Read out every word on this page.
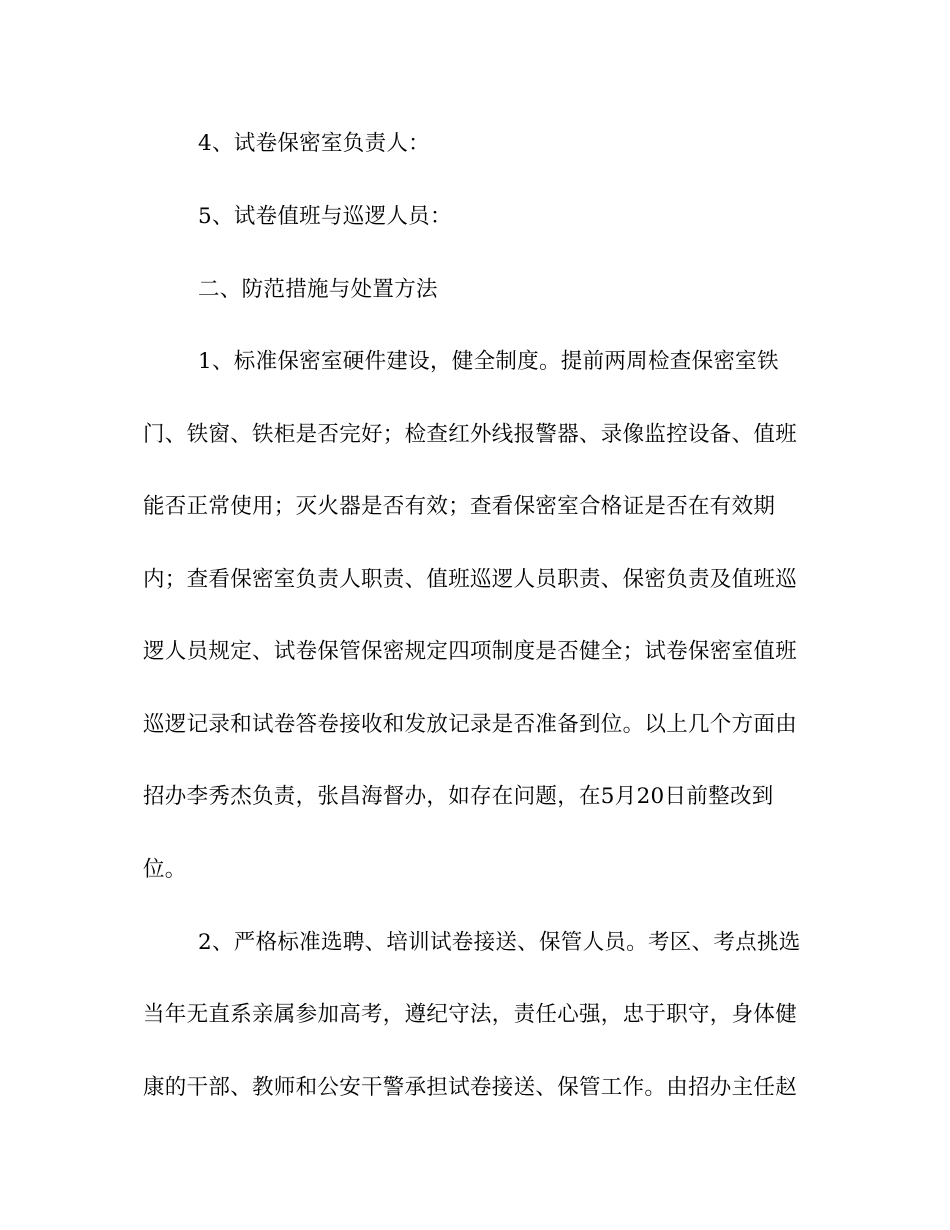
4、试卷保密室负责人：
5、试卷值班与巡逻人员：
二、防范措施与处置方法
1、标准保密室硬件建设，健全制度。提前两周检查保密室铁
门、铁窗、铁柜是否完好；检查红外线报警器、录像监控设备、值班
能否正常使用；灭火器是否有效；查看保密室合格证是否在有效期
内；查看保密室负责人职责、值班巡逻人员职责、保密负责及值班巡
逻人员规定、试卷保管保密规定四项制度是否健全；试卷保密室值班
巡逻记录和试卷答卷接收和发放记录是否准备到位。以上几个方面由
招办李秀杰负责，张昌海督办，如存在问题，在5月20日前整改到
位。
2、严格标准选聘、培训试卷接送、保管人员。考区、考点挑选
当年无直系亲属参加高考，遵纪守法，责任心强，忠于职守，身体健
康的干部、教师和公安干警承担试卷接送、保管工作。由招办主任赵
